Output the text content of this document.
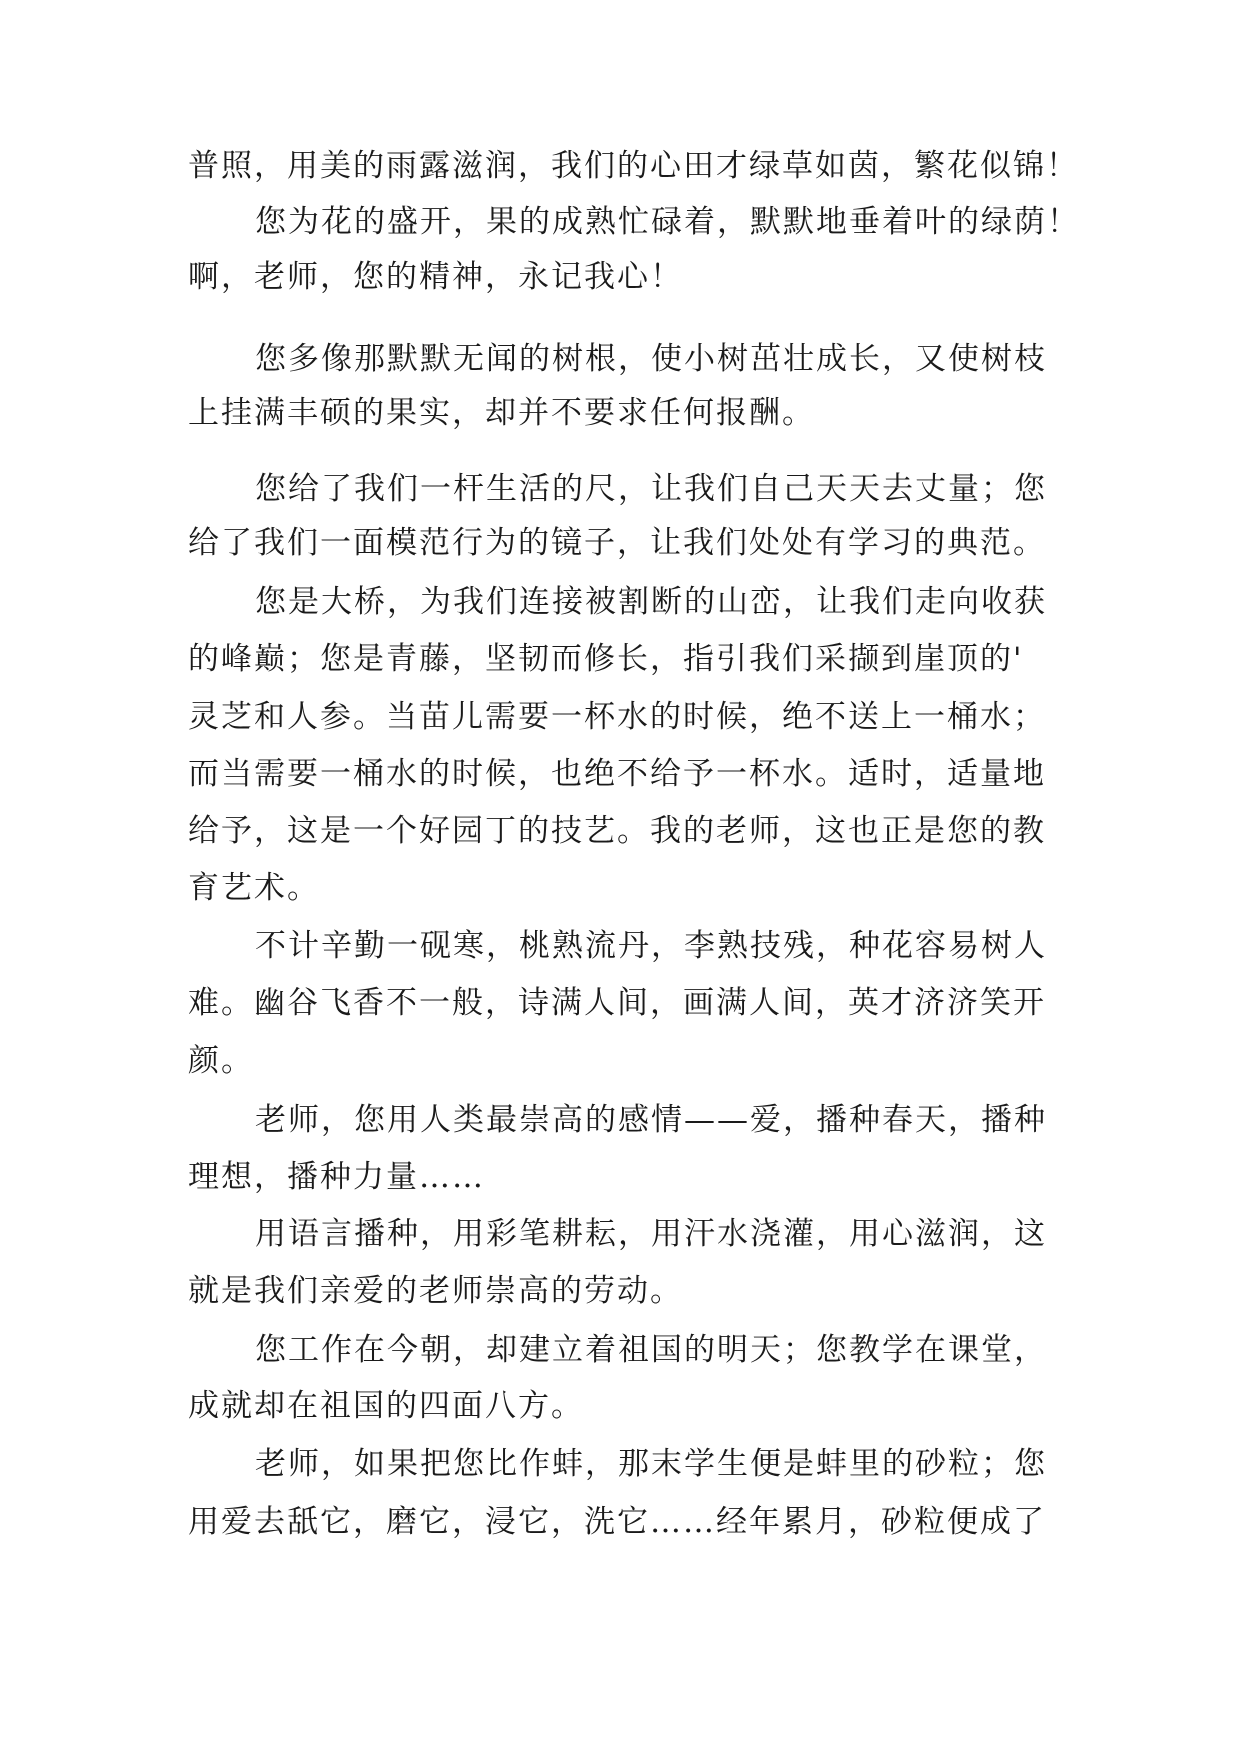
普照，用美的雨露滋润，我们的心田才绿草如茵，繁花似锦！
您为花的盛开，果的成熟忙碌着，默默地垂着叶的绿荫！
啊，老师，您的精神，永记我心！
您多像那默默无闻的树根，使小树茁壮成长，又使树枝
上挂满丰硕的果实，却并不要求任何报酬。
您给了我们一杆生活的尺，让我们自己天天去丈量；您
给了我们一面模范行为的镜子，让我们处处有学习的典范。
您是大桥，为我们连接被割断的山峦，让我们走向收获
的峰巅；您是青藤，坚韧而修长，指引我们采撷到崖顶的'
灵芝和人参。当苗儿需要一杯水的时候，绝不送上一桶水；
而当需要一桶水的时候，也绝不给予一杯水。适时，适量地
给予，这是一个好园丁的技艺。我的老师，这也正是您的教
育艺术。
不计辛勤一砚寒，桃熟流丹，李熟技残，种花容易树人
难。幽谷飞香不一般，诗满人间，画满人间，英才济济笑开
颜。
老师，您用人类最崇高的感情——爱，播种春天，播种
理想，播种力量……
用语言播种，用彩笔耕耘，用汗水浇灌，用心滋润，这
就是我们亲爱的老师崇高的劳动。
您工作在今朝，却建立着祖国的明天；您教学在课堂，
成就却在祖国的四面八方。
老师，如果把您比作蚌，那末学生便是蚌里的砂粒；您
用爱去舐它，磨它，浸它，洗它……经年累月，砂粒便成了
